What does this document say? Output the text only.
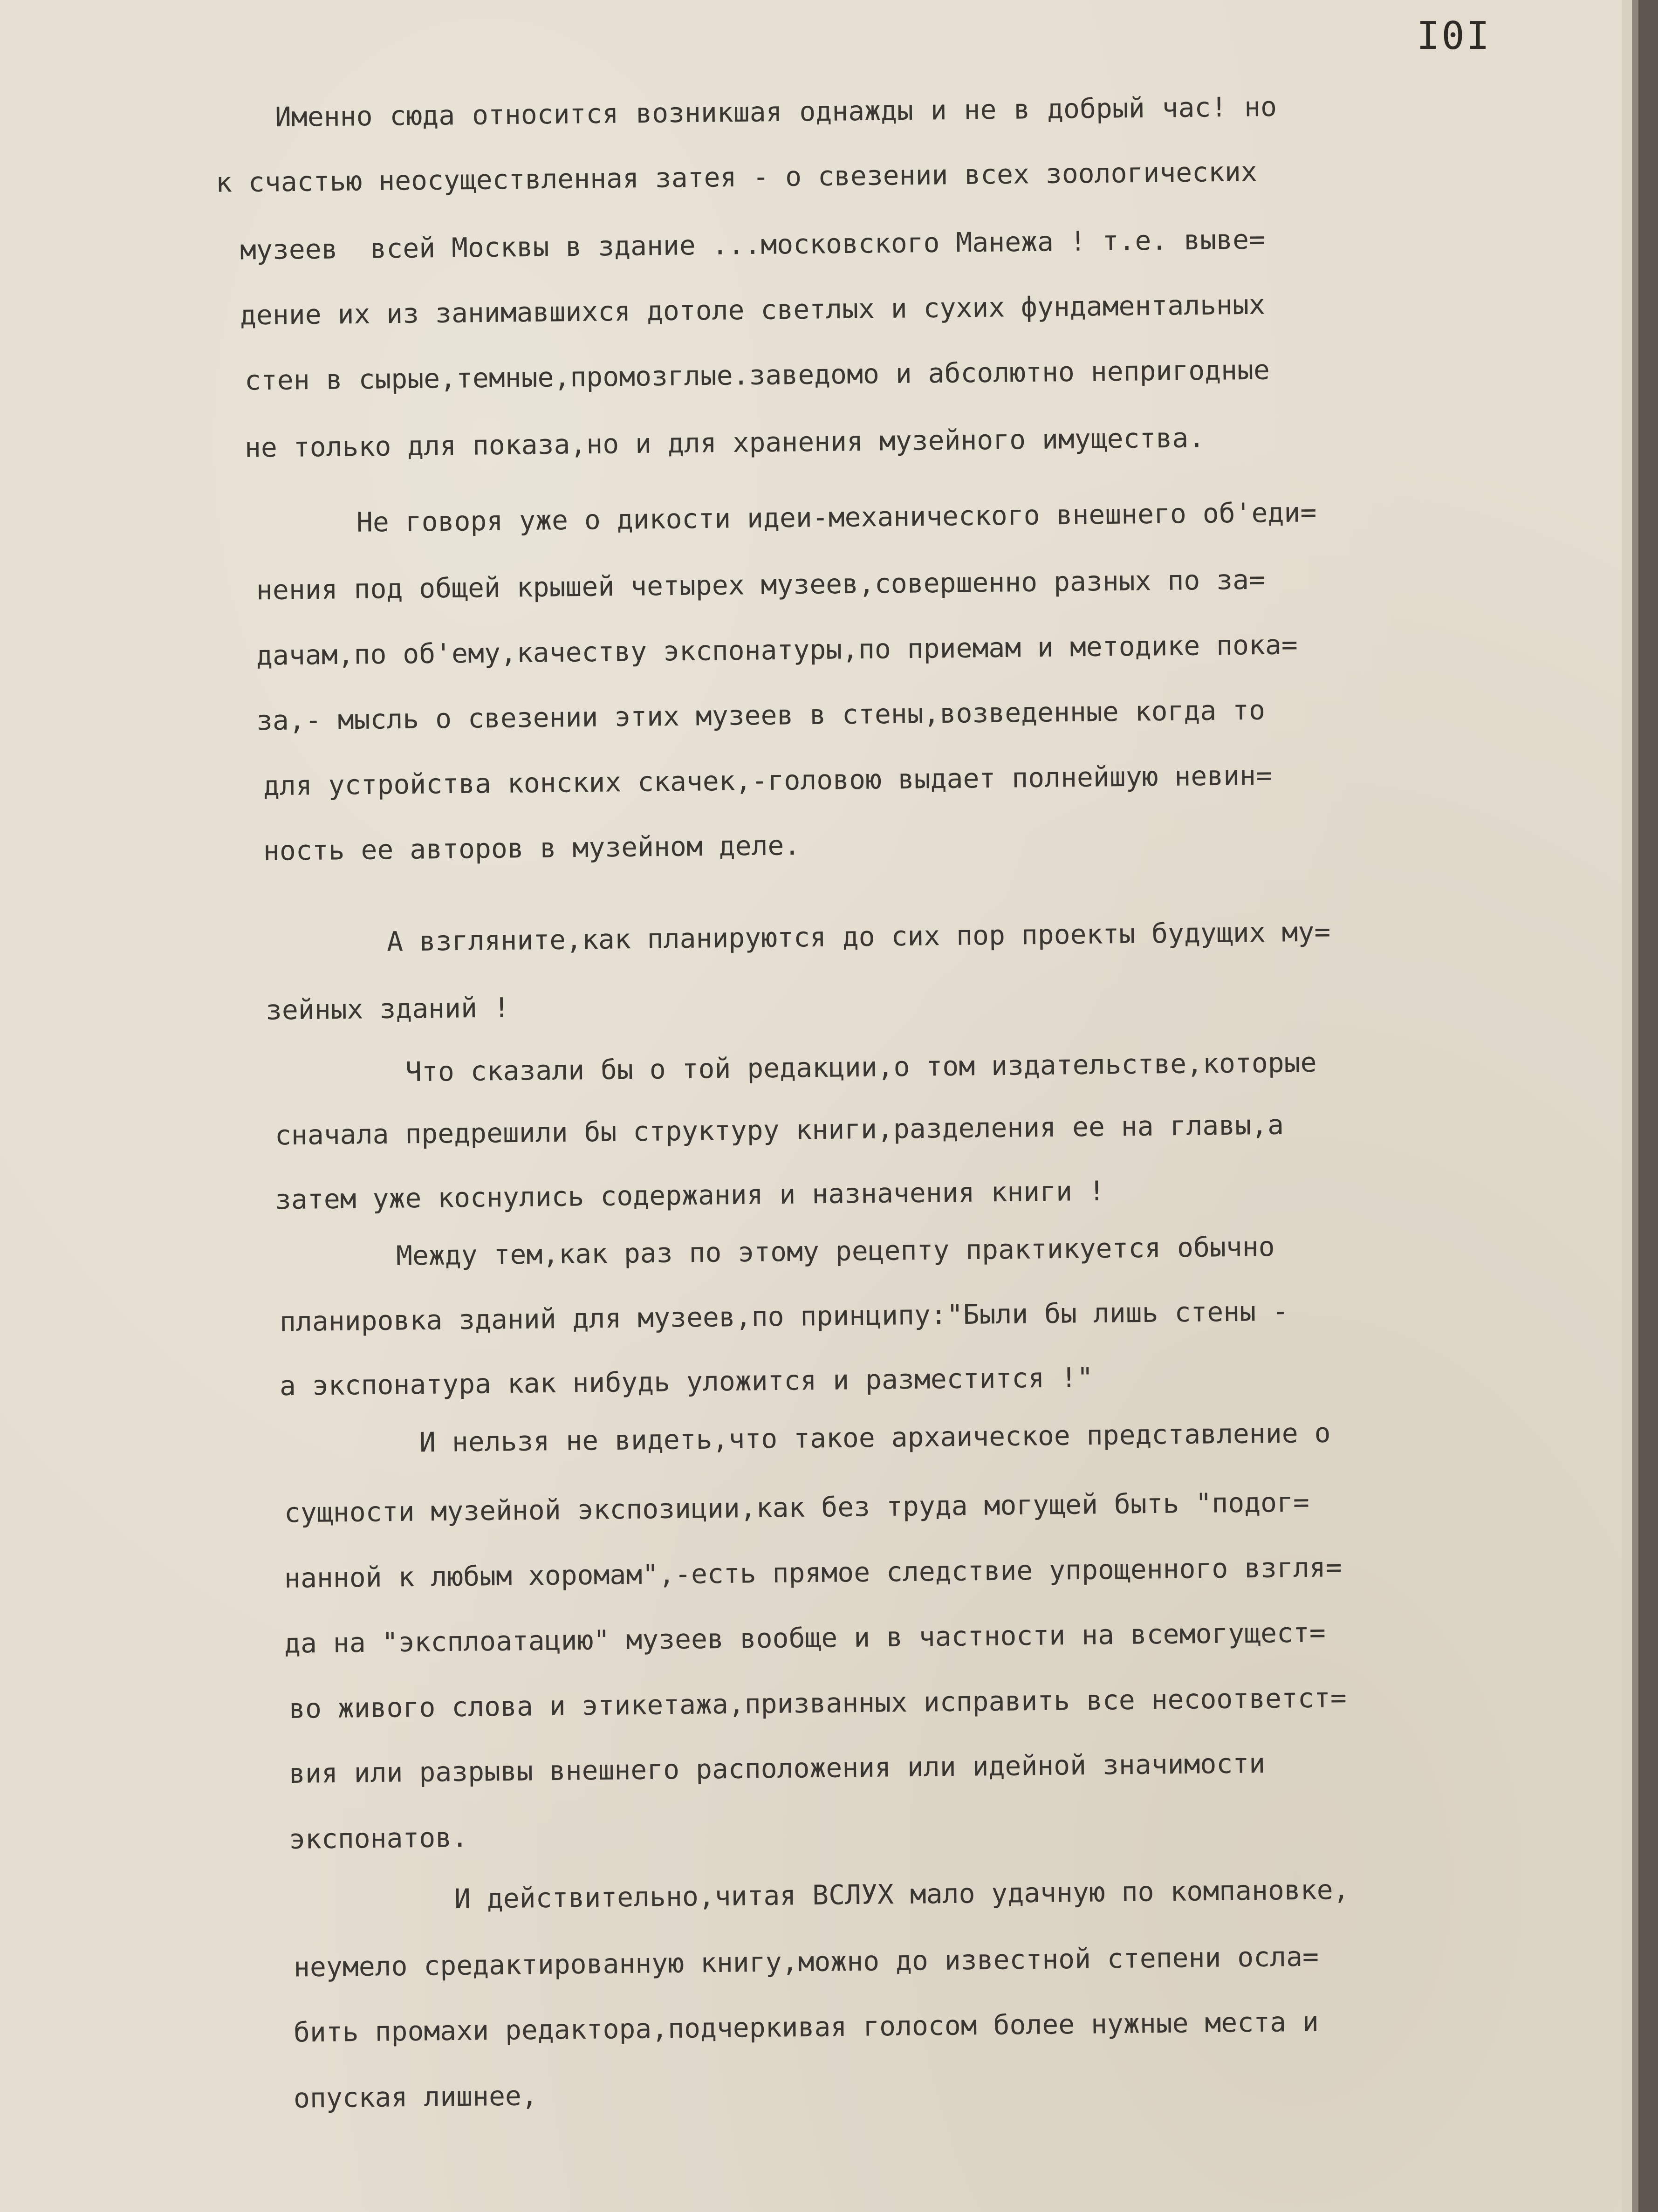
I0I
Именно сюда относится возникшая однажды и не в добрый час! но
к счастью неосуществленная затея - о свезении всех зоологических
музеев  всей Москвы в здание ...московского Манежа ! т.е. выве=
дение их из занимавшихся дотоле светлых и сухих фундаментальных
стен в сырые,темные,промозглые.заведомо и абсолютно непригодные
не только для показа,но и для хранения музейного имущества.
Не говоря уже о дикости идеи-механического внешнего об'еди=
нения под общей крышей четырех музеев,совершенно разных по за=
дачам,по об'ему,качеству экспонатуры,по приемам и методике пока=
за,- мысль о свезении этих музеев в стены,возведенные когда то
для устройства конских скачек,-головою выдает полнейшую невин=
ность ее авторов в музейном деле.
А взгляните,как планируются до сих пор проекты будущих му=
зейных зданий !
Что сказали бы о той редакции,о том издательстве,которые
сначала предрешили бы структуру книги,разделения ее на главы,а
затем уже коснулись содержания и назначения книги !
Между тем,как раз по этому рецепту практикуется обычно
планировка зданий для музеев,по принципу:"Были бы лишь стены -
а экспонатура как нибудь уложится и разместится !"
И нельзя не видеть,что такое архаическое представление о
сущности музейной экспозиции,как без труда могущей быть "подог=
нанной к любым хоромам",-есть прямое следствие упрощенного взгля=
да на "эксплоатацию" музеев вообще и в частности на всемогущест=
во живого слова и этикетажа,призванных исправить все несоответст=
вия или разрывы внешнего расположения или идейной значимости
экспонатов.
И действительно,читая ВСЛУХ мало удачную по компановке,
неумело средактированную книгу,можно до известной степени осла=
бить промахи редактора,подчеркивая голосом более нужные места и
опуская лишнее,
